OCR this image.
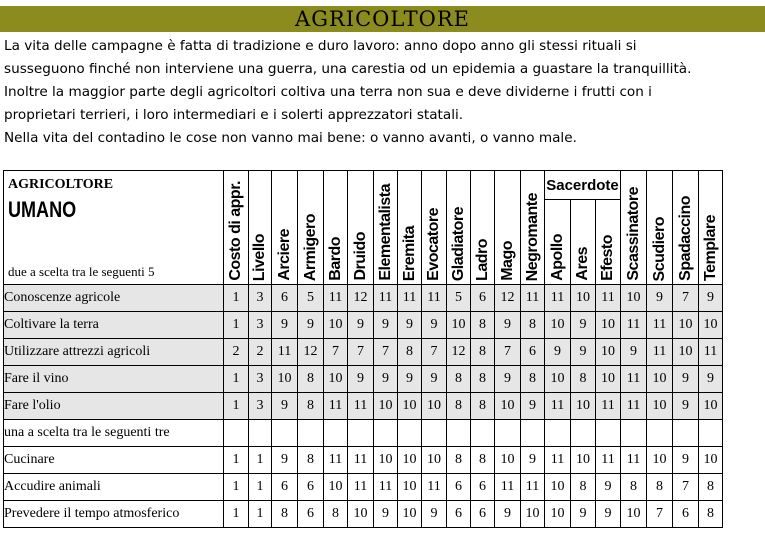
AGRICOLTORE

La vita delle campagne è fatta di tradizione e duro lavoro: anno dopo anno gli stessi rituali si

susseguono finché non interviene una guerra, una carestia od un epidemia a guastare la tranquillità.

Inoltre la maggior parte degli agricoltori coltiva una terra non sua e deve dividerne i frutti con i

proprietari terrieri, i loro intermediari e i solerti apprezzatori statali.

Nella vita del contadino le cose non vanno mai bene: o vanno avanti, o vanno male.

AGRICOLTORE
UMANO
due a scelta tra le seguenti 5	Costo di appr.	Livello	Arciere	Armigero	Bardo	Druido	Elementalista	Eremita	Evocatore	Gladiatore	Ladro	Mago	Negromante	Sacerdote			Scassinatore	Scudiero	Spadaccino	Templare

														Apollo	Ares	Efesto				

Conoscenze agricole	1	3	6	5	11	12	11	11	11	5	6	12	11	11	10	11	10	9	7	9
Coltivare la terra	1	3	9	9	10	9	9	9	9	10	8	9	8	10	9	10	11	11	10	10
Utilizzare attrezzi agricoli	2	2	11	12	7	7	7	8	7	12	8	7	6	9	9	10	9	11	10	11
Fare il vino	1	3	10	8	10	9	9	9	9	8	8	9	8	10	8	10	11	10	9	9
Fare l'olio	1	3	9	8	11	11	10	10	10	8	8	10	9	11	10	11	11	10	9	10
una a scelta tra le seguenti tre																				
Cucinare	1	1	9	8	11	11	10	10	10	8	8	10	9	11	10	11	11	10	9	10
Accudire animali	1	1	6	6	10	11	11	10	11	6	6	11	11	10	8	9	8	8	7	8
Prevedere il tempo atmosferico	1	1	8	6	8	10	9	10	9	6	6	9	10	10	9	9	10	7	6	8
